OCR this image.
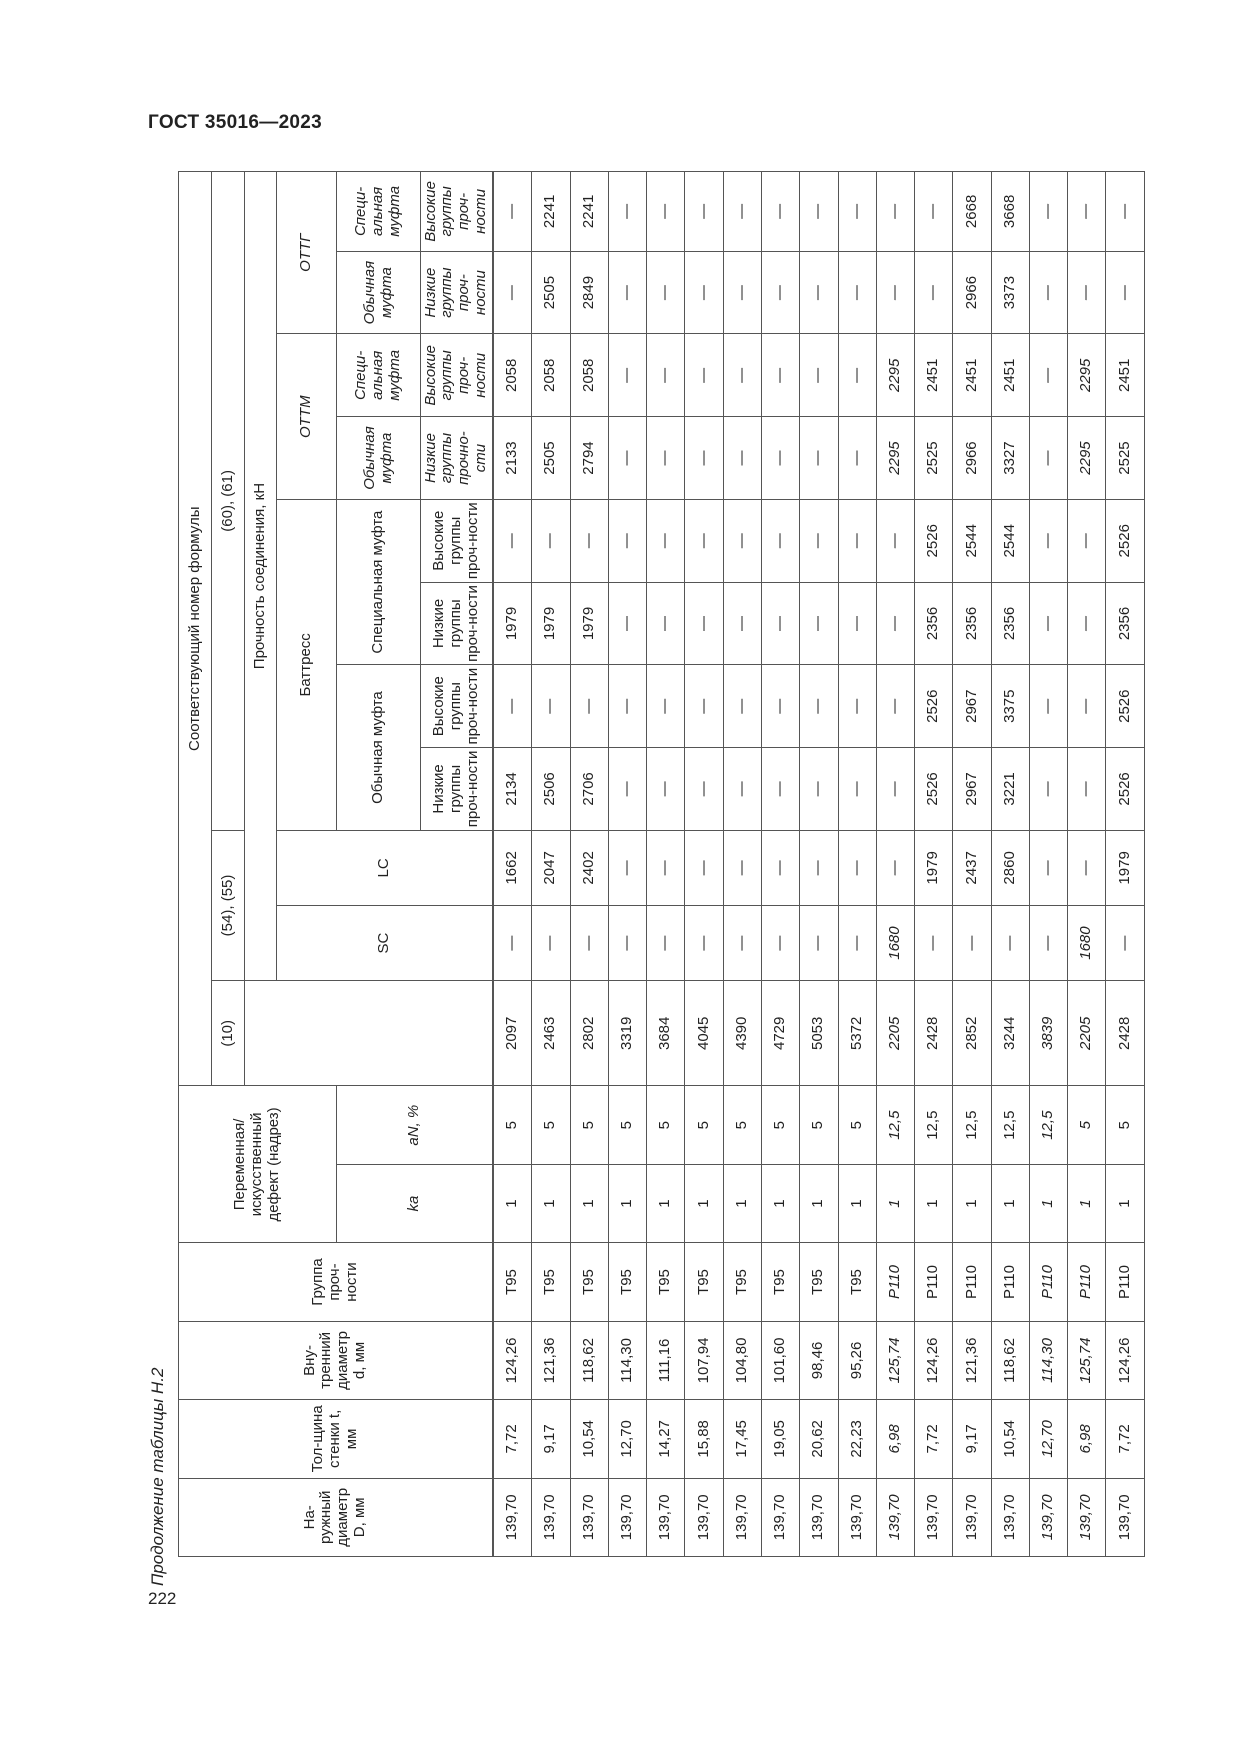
ГОСТ 35016—2023
Продолжение таблицы Н.2
222
На-ружный диаметр D, мм	Тол-щина стенки t, мм	Вну-тренний диаметр d, мм	Группа проч-ности	Переменная/искусственный дефект (надрез)		Соответствующий номер формулы										
						(10)	(54), (55)		(60), (61)							
	Прочность соединения, кН									
							SC	LC	Баттресс				ОТТМ		ОТТГ	
				ka	aN, %				Обычная муфта		Специальная муфта		Обычная муфта	Специ-альная муфта	Обычная муфта	Специ-альная муфта
									Низкие группы проч-ности	Высокие группы проч-ности	Низкие группы проч-ности	Высокие группы проч-ности	Низкие группы прочно-сти	Высокие группы проч-ности	Низкие группы проч-ности	Высокие группы проч-ности
139,70	7,72	124,26	T95	1	5	2097	—	1662	2134	—	1979	—	2133	2058	—	—
139,70	9,17	121,36	T95	1	5	2463	—	2047	2506	—	1979	—	2505	2058	2505	2241
139,70	10,54	118,62	T95	1	5	2802	—	2402	2706	—	1979	—	2794	2058	2849	2241
139,70	12,70	114,30	T95	1	5	3319	—	—	—	—	—	—	—	—	—	—
139,70	14,27	111,16	T95	1	5	3684	—	—	—	—	—	—	—	—	—	—
139,70	15,88	107,94	T95	1	5	4045	—	—	—	—	—	—	—	—	—	—
139,70	17,45	104,80	T95	1	5	4390	—	—	—	—	—	—	—	—	—	—
139,70	19,05	101,60	T95	1	5	4729	—	—	—	—	—	—	—	—	—	—
139,70	20,62	98,46	T95	1	5	5053	—	—	—	—	—	—	—	—	—	—
139,70	22,23	95,26	T95	1	5	5372	—	—	—	—	—	—	—	—	—	—
139,70	6,98	125,74	P110	1	12,5	2205	1680	—	—	—	—	—	2295	2295	—	—
139,70	7,72	124,26	P110	1	12,5	2428	—	1979	2526	2526	2356	2526	2525	2451	—	—
139,70	9,17	121,36	P110	1	12,5	2852	—	2437	2967	2967	2356	2544	2966	2451	2966	2668
139,70	10,54	118,62	P110	1	12,5	3244	—	2860	3221	3375	2356	2544	3327	2451	3373	3668
139,70	12,70	114,30	P110	1	12,5	3839	—	—	—	—	—	—	—	—	—	—
139,70	6,98	125,74	P110	1	5	2205	1680	—	—	—	—	—	2295	2295	—	—
139,70	7,72	124,26	P110	1	5	2428	—	1979	2526	2526	2356	2526	2525	2451	—	—
